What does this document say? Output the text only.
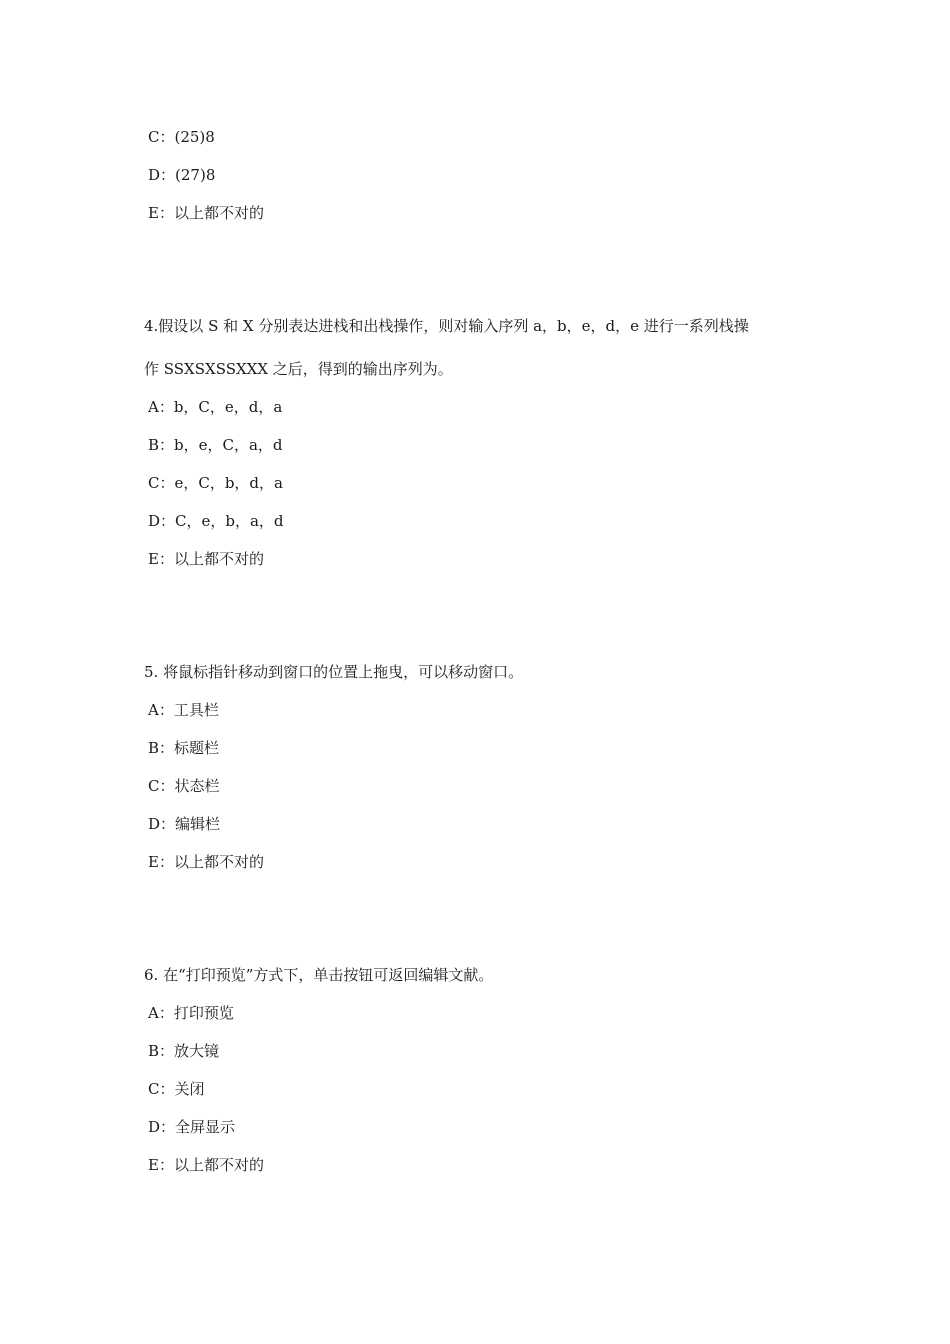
C：(25)8
D：(27)8
E：以上都不对的
4.假设以 S 和 X 分别表达进栈和出栈操作，则对输入序列 a，b，e，d，e 进行一系列栈操
作 SSXSXSSXXX 之后，得到的输出序列为。
A：b，C，e，d，a
B：b，e，C，a，d
C：e，C，b，d，a
D：C，e，b，a，d
E：以上都不对的
5. 将鼠标指针移动到窗口的位置上拖曳，可以移动窗口。
A：工具栏
B：标题栏
C：状态栏
D：编辑栏
E：以上都不对的
6. 在“打印预览”方式下，单击按钮可返回编辑文献。
A：打印预览
B：放大镜
C：关闭
D：全屏显示
E：以上都不对的
